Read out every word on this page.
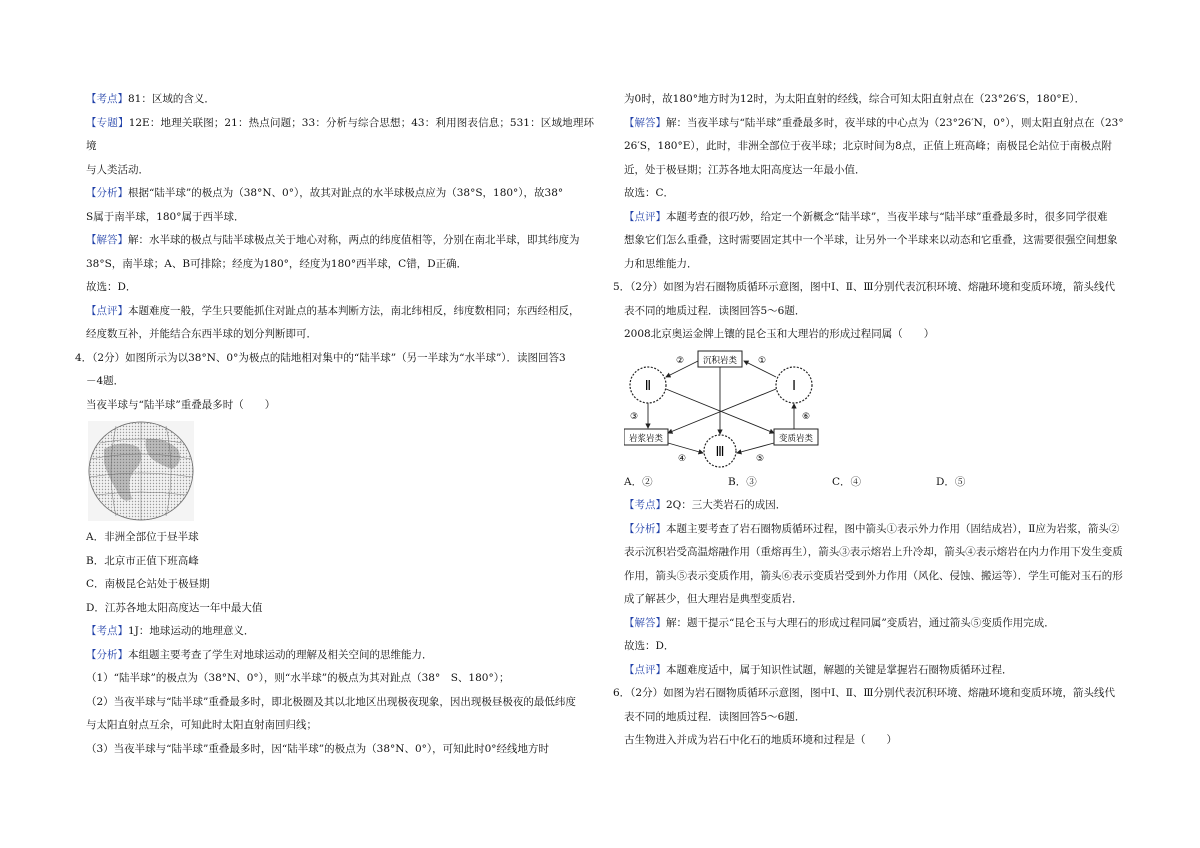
【考点】81：区域的含义．

【专题】12E：地理关联图；21：热点问题；33：分析与综合思想；43：利用图表信息；531：区域地理环境

与人类活动．

【分析】根据“陆半球”的极点为（38°N、0°），故其对趾点的水半球极点应为（38°S，180°），故38°

S属于南半球，180°属于西半球．

【解答】解：水半球的极点与陆半球极点关于地心对称，两点的纬度值相等，分别在南北半球，即其纬度为

38°S，南半球；A、B可排除；经度为180°，经度为180°西半球，C错，D正确．

故选：D．

【点评】本题难度一般，学生只要能抓住对趾点的基本判断方法，南北纬相反，纬度数相同；东西经相反，

经度数互补，并能结合东西半球的划分判断即可．

4．（2分）如图所示为以38°N、0°为极点的陆地相对集中的“陆半球”（另一半球为“水半球”）．读图回答3

－4题．

当夜半球与“陆半球”重叠最多时（　　）

A．非洲全部位于昼半球

B．北京市正值下班高峰

C．南极昆仑站处于极昼期

D．江苏各地太阳高度达一年中最大值

【考点】1J：地球运动的地理意义．

【分析】本组题主要考查了学生对地球运动的理解及相关空间的思维能力．

（1）“陆半球”的极点为（38°N、0°），则“水半球”的极点为其对趾点（38°　S、180°）；

（2）当夜半球与“陆半球”重叠最多时，即北极圈及其以北地区出现极夜现象，因出现极昼极夜的最低纬度

与太阳直射点互余，可知此时太阳直射南回归线；

（3）当夜半球与“陆半球”重叠最多时，因“陆半球”的极点为（38°N、0°），可知此时0°经线地方时

为0时，故180°地方时为12时，为太阳直射的经线，综合可知太阳直射点在（23°26′S，180°E）．

【解答】解：当夜半球与“陆半球”重叠最多时，夜半球的中心点为（23°26′N，0°），则太阳直射点在（23°

26′S，180°E），此时，非洲全部位于夜半球；北京时间为8点，正值上班高峰；南极昆仑站位于南极点附

近，处于极昼期；江苏各地太阳高度达一年最小值．

故选：C．

【点评】本题考查的很巧妙，给定一个新概念“陆半球”，当夜半球与“陆半球”重叠最多时，很多同学很难

想象它们怎么重叠，这时需要固定其中一个半球，让另外一个半球来以动态和它重叠，这需要很强空间想象

力和思维能力．

5．（2分）如图为岩石圈物质循环示意图，图中Ⅰ、Ⅱ、Ⅲ分别代表沉积环境、熔融环境和变质环境，箭头线代

表不同的地质过程．读图回答5～6题．

2008北京奥运金牌上镶的昆仑玉和大理岩的形成过程同属（　　）

沉积岩类
岩浆岩类	变质岩类
Ⅱ	Ⅰ
Ⅲ
①
②
③
④	⑤
⑥
A．②	B．③	C．④	D．⑤

【考点】2Q：三大类岩石的成因．

【分析】本题主要考查了岩石圈物质循环过程，图中箭头①表示外力作用（固结成岩），Ⅱ应为岩浆，箭头②

表示沉积岩受高温熔融作用（重熔再生），箭头③表示熔岩上升冷却，箭头④表示熔岩在内力作用下发生变质

作用，箭头⑤表示变质作用，箭头⑥表示变质岩受到外力作用（风化、侵蚀、搬运等）．学生可能对玉石的形

成了解甚少，但大理岩是典型变质岩．

【解答】解：题干提示“昆仑玉与大理石的形成过程同属”变质岩，通过箭头⑤变质作用完成．

故选：D．

【点评】本题难度适中，属于知识性试题，解题的关键是掌握岩石圈物质循环过程．

6．（2分）如图为岩石圈物质循环示意图，图中Ⅰ、Ⅱ、Ⅲ分别代表沉积环境、熔融环境和变质环境，箭头线代

表不同的地质过程．读图回答5～6题．

古生物进入并成为岩石中化石的地质环境和过程是（　　）
